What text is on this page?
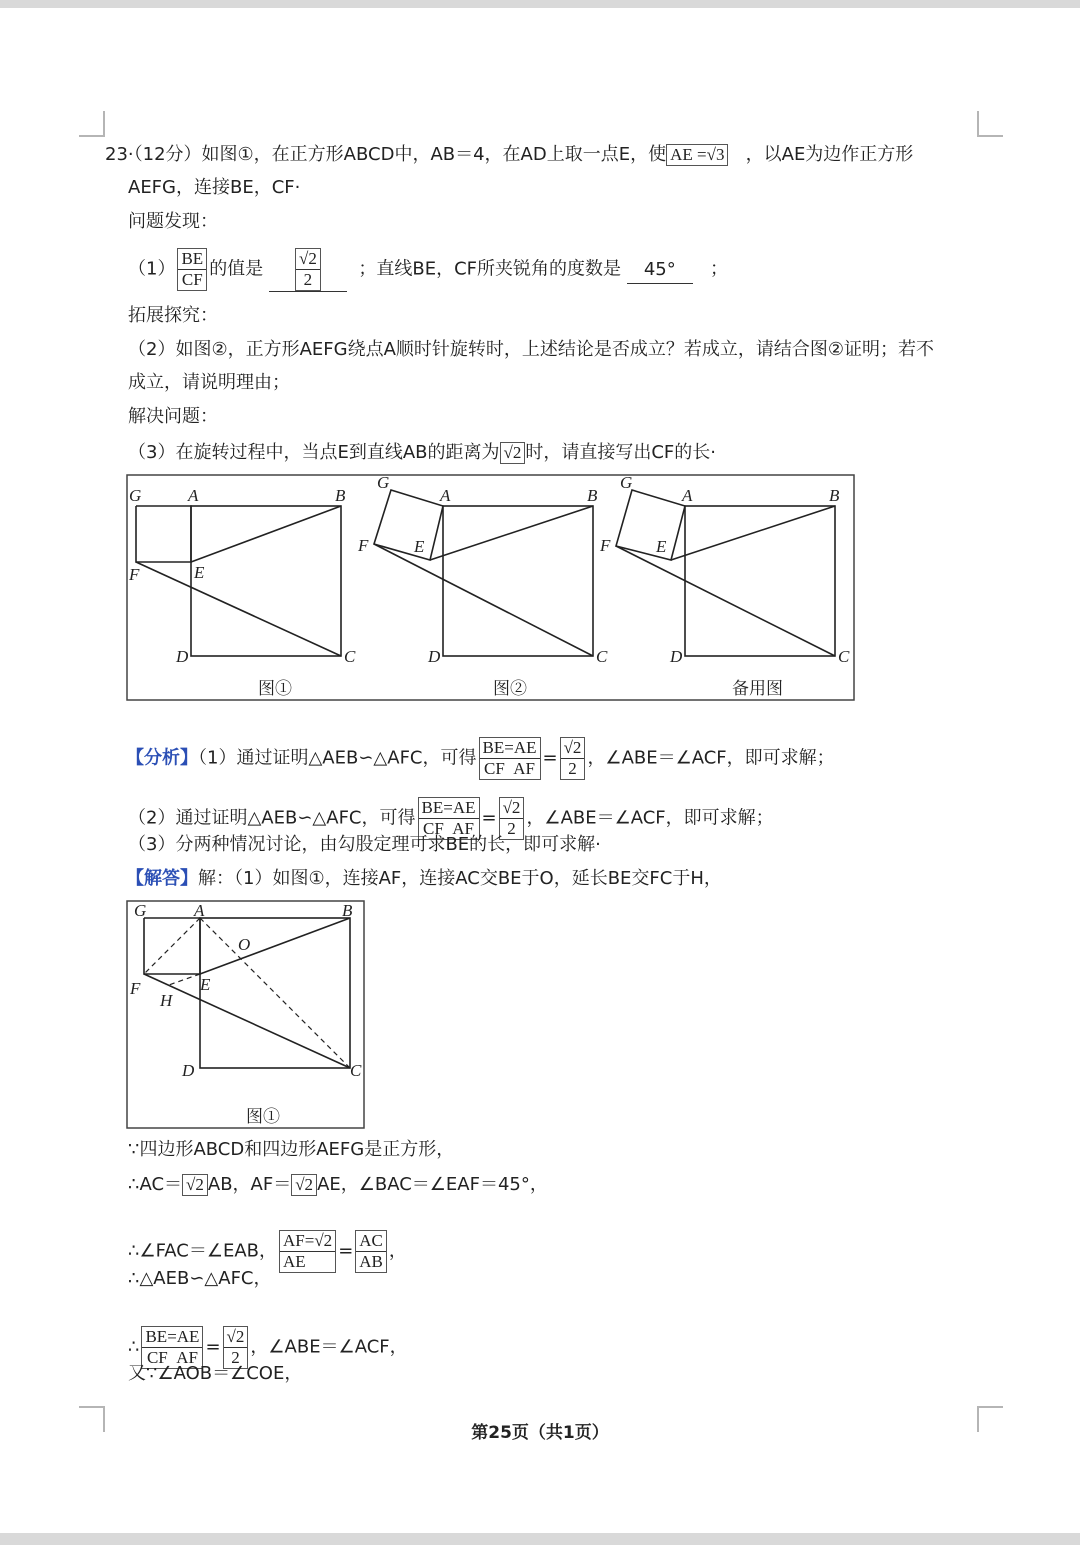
23·（12分）如图①，在正方形ABCD中，AB＝4，在AD上取一点E，使 AE =√3 ，以AE为边作正方形
AEFG，连接BE，CF·
问题发现：
$(1) \frac{BE}{CF}$ 的值是 $\frac{√2}{2}$ ；直线BE，CF所夹锐角的度数是 45° ；
拓展探究：
（2）如图②，正方形AEFG绕点A顺时针旋转时，上述结论是否成立？若成立，请结合图②证明；若不
成立，请说明理由；
解决问题：
（3）在旋转过程中，当点E到直线AB的距离为 √2 时，请直接写出CF的长·
G	A	B
F	E
D	C
图①
G
A	B
F	E
D	C
图②
G
A	B
F	E
D	C
备用图
【分析】（1）通过证明△AEB∽△AFC，可得 $\frac{BE=AE}{\text{CF AF}} = \frac{√2}{2}$ ，∠ABE＝∠ACF，即可求解；
（2）通过证明△AEB∽△AFC，可得 $\frac{BE=AE}{\text{CF AF}} = \frac{√2}{2}$ ，∠ABE＝∠ACF，即可求解；
（3）分两种情况讨论，由勾股定理可求BE的长，即可求解·
【解答】解：（1）如图①，连接AF，连接AC交BE于O，延长BE交FC于H，
G	A	B
O
F	E
H
D	C
图①
∵四边形ABCD和四边形AEFG是正方形，
∴AC＝ √2 AB，AF＝ √2 AE，∠BAC＝∠EAF＝45°，
∴∠FAC＝∠EAB， $\frac{AF=√2}{AE} = \frac{AC}{AB}$ ，
∴△AEB∽△AFC，
∴ $\frac{BE=AE}{\text{CF AF}} = \frac{√2}{2}$ ，∠ABE＝∠ACF，
又∵∠AOB＝∠COE，
第25页（共1页）
